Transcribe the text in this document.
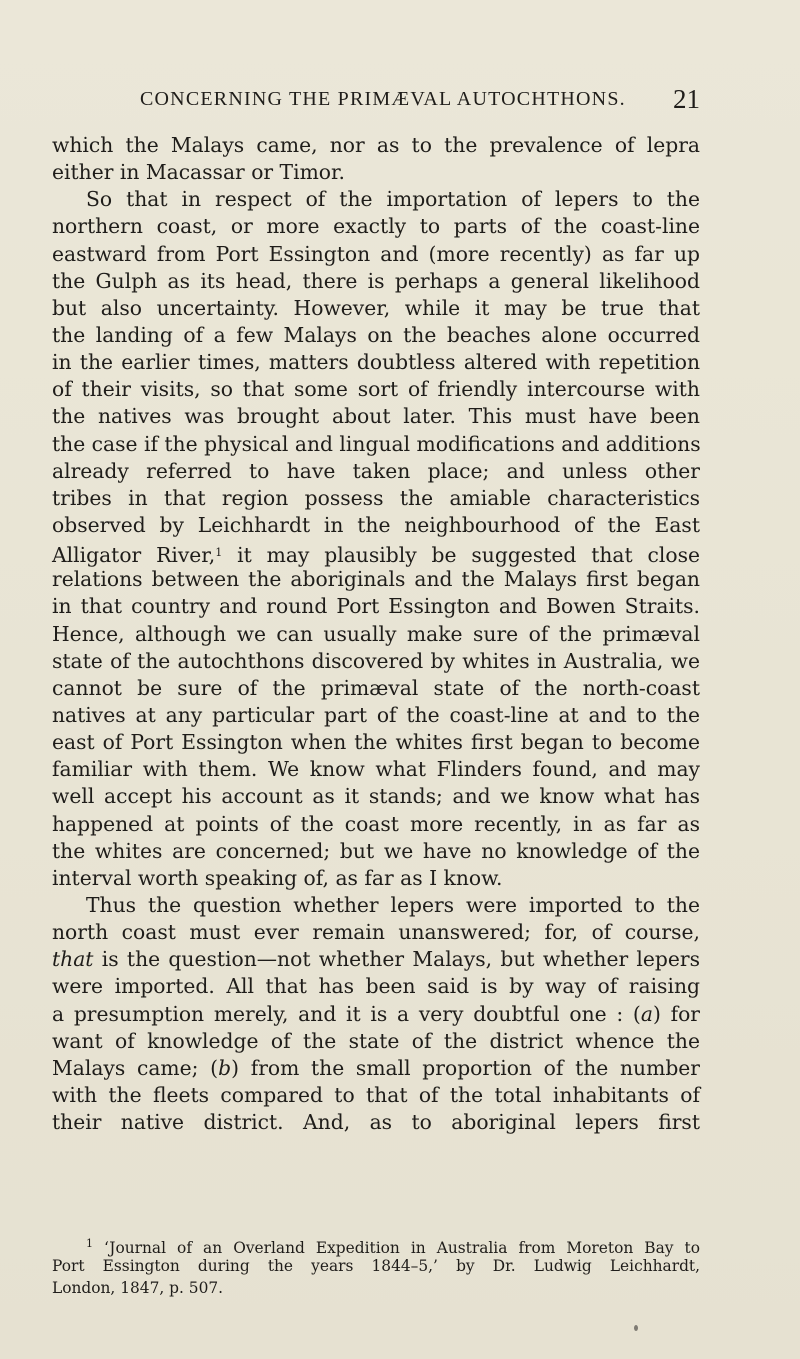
CONCERNING THE PRIMÆVAL AUTOCHTHONS. 21
which the Malays came, nor as to the prevalence of lepra
either in Macassar or Timor.
So that in respect of the importation of lepers to the
northern coast, or more exactly to parts of the coast-line
eastward from Port Essington and (more recently) as far up
the Gulph as its head, there is perhaps a general likelihood
but also uncertainty. However, while it may be true that
the landing of a few Malays on the beaches alone occurred
in the earlier times, matters doubtless altered with repetition
of their visits, so that some sort of friendly intercourse with
the natives was brought about later. This must have been
the case if the physical and lingual modifications and additions
already referred to have taken place; and unless other
tribes in that region possess the amiable characteristics
observed by Leichhardt in the neighbourhood of the East
Alligator River,$^1$ it may plausibly be suggested that close
relations between the aboriginals and the Malays first began
in that country and round Port Essington and Bowen Straits.
Hence, although we can usually make sure of the primæval
state of the autochthons discovered by whites in Australia, we
cannot be sure of the primæval state of the north-coast
natives at any particular part of the coast-line at and to the
east of Port Essington when the whites first began to become
familiar with them. We know what Flinders found, and may
well accept his account as it stands; and we know what has
happened at points of the coast more recently, in as far as
the whites are concerned; but we have no knowledge of the
interval worth speaking of, as far as I know.
Thus the question whether lepers were imported to the
north coast must ever remain unanswered; for, of course,
that is the question—not whether Malays, but whether lepers
were imported. All that has been said is by way of raising
a presumption merely, and it is a very doubtful one : (a) for
want of knowledge of the state of the district whence the
Malays came; (b) from the small proportion of the number
with the fleets compared to that of the total inhabitants of
their native district. And, as to aboriginal lepers first
$^1$ ‘Journal of an Overland Expedition in Australia from Moreton Bay to
Port Essington during the years 1844–5,’ by Dr. Ludwig Leichhardt,
London, 1847, p. 507.
